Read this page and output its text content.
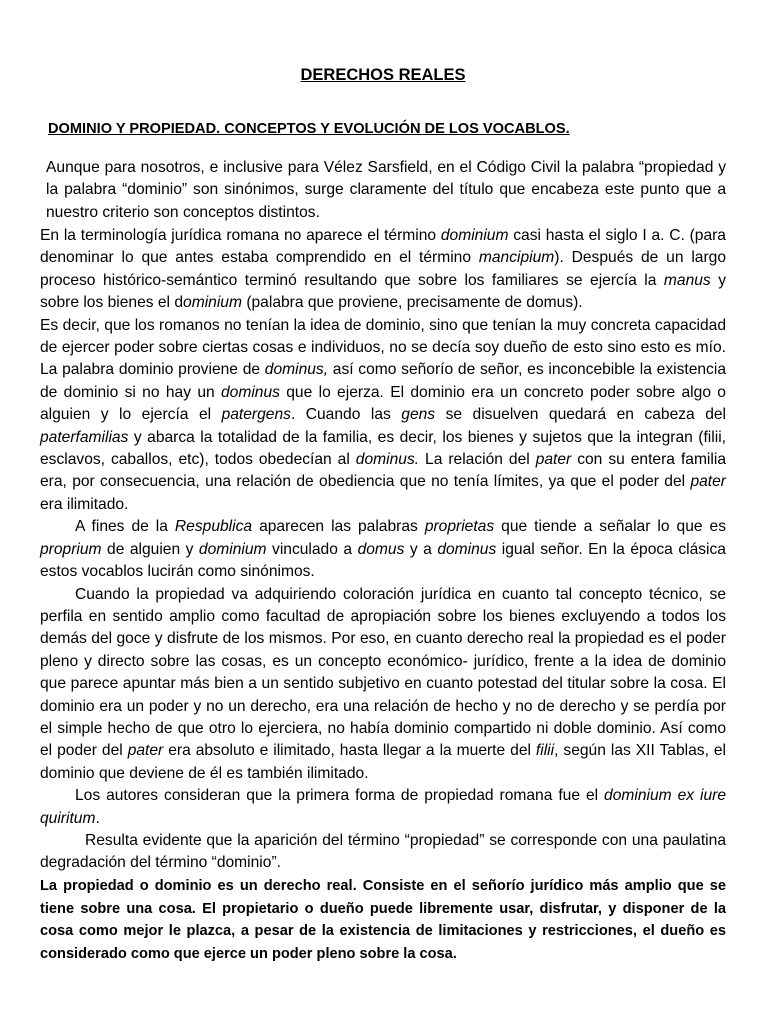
DERECHOS REALES
DOMINIO Y PROPIEDAD. CONCEPTOS Y EVOLUCIÓN DE LOS VOCABLOS.
Aunque para nosotros, e inclusive para Vélez Sarsfield, en el Código Civil la palabra “propiedad y la palabra “dominio” son sinónimos, surge claramente del título que encabeza este punto que a nuestro criterio son conceptos distintos.

En la terminología jurídica romana no aparece el término dominium casi hasta el siglo I a. C. (para denominar lo que antes estaba comprendido en el término mancipium). Después de un largo proceso histórico-semántico terminó resultando que sobre los familiares se ejercía la manus y sobre los bienes el dominium (palabra que proviene, precisamente de domus).

Es decir, que los romanos no tenían la idea de dominio, sino que tenían la muy concreta capacidad de ejercer poder sobre ciertas cosas e individuos, no se decía soy dueño de esto sino esto es mío. La palabra dominio proviene de dominus, así como señorío de señor, es inconcebible la existencia de dominio si no hay un dominus que lo ejerza. El dominio era un concreto poder sobre algo o alguien y lo ejercía el patergens. Cuando las gens se disuelven quedará en cabeza del paterfamilias y abarca la totalidad de la familia, es decir, los bienes y sujetos que la integran (filii, esclavos, caballos, etc), todos obedecían al dominus. La relación del pater con su entera familia era, por consecuencia, una relación de obediencia que no tenía límites, ya que el poder del pater era ilimitado.

A fines de la Respublica aparecen las palabras proprietas que tiende a señalar lo que es proprium de alguien y dominium vinculado a domus y a dominus igual señor. En la época clásica estos vocablos lucirán como sinónimos.

Cuando la propiedad va adquiriendo coloración jurídica en cuanto tal concepto técnico, se perfila en sentido amplio como facultad de apropiación sobre los bienes excluyendo a todos los demás del goce y disfrute de los mismos. Por eso, en cuanto derecho real la propiedad es el poder pleno y directo sobre las cosas, es un concepto económico- jurídico, frente a la idea de dominio que parece apuntar más bien a un sentido subjetivo en cuanto potestad del titular sobre la cosa. El dominio era un poder y no un derecho, era una relación de hecho y no de derecho y se perdía por el simple hecho de que otro lo ejerciera, no había dominio compartido ni doble dominio. Así como el poder del pater era absoluto e ilimitado, hasta llegar a la muerte del filii, según las XII Tablas, el dominio que deviene de él es también ilimitado.

Los autores consideran que la primera forma de propiedad romana fue el dominium ex iure quiritum.

Resulta evidente que la aparición del término “propiedad” se corresponde con una paulatina degradación del término “dominio”.

La propiedad o dominio es un derecho real. Consiste en el señorío jurídico más amplio que se tiene sobre una cosa. El propietario o dueño puede libremente usar, disfrutar, y disponer de la cosa como mejor le plazca, a pesar de la existencia de limitaciones y restricciones, el dueño es considerado como que ejerce un poder pleno sobre la cosa.
